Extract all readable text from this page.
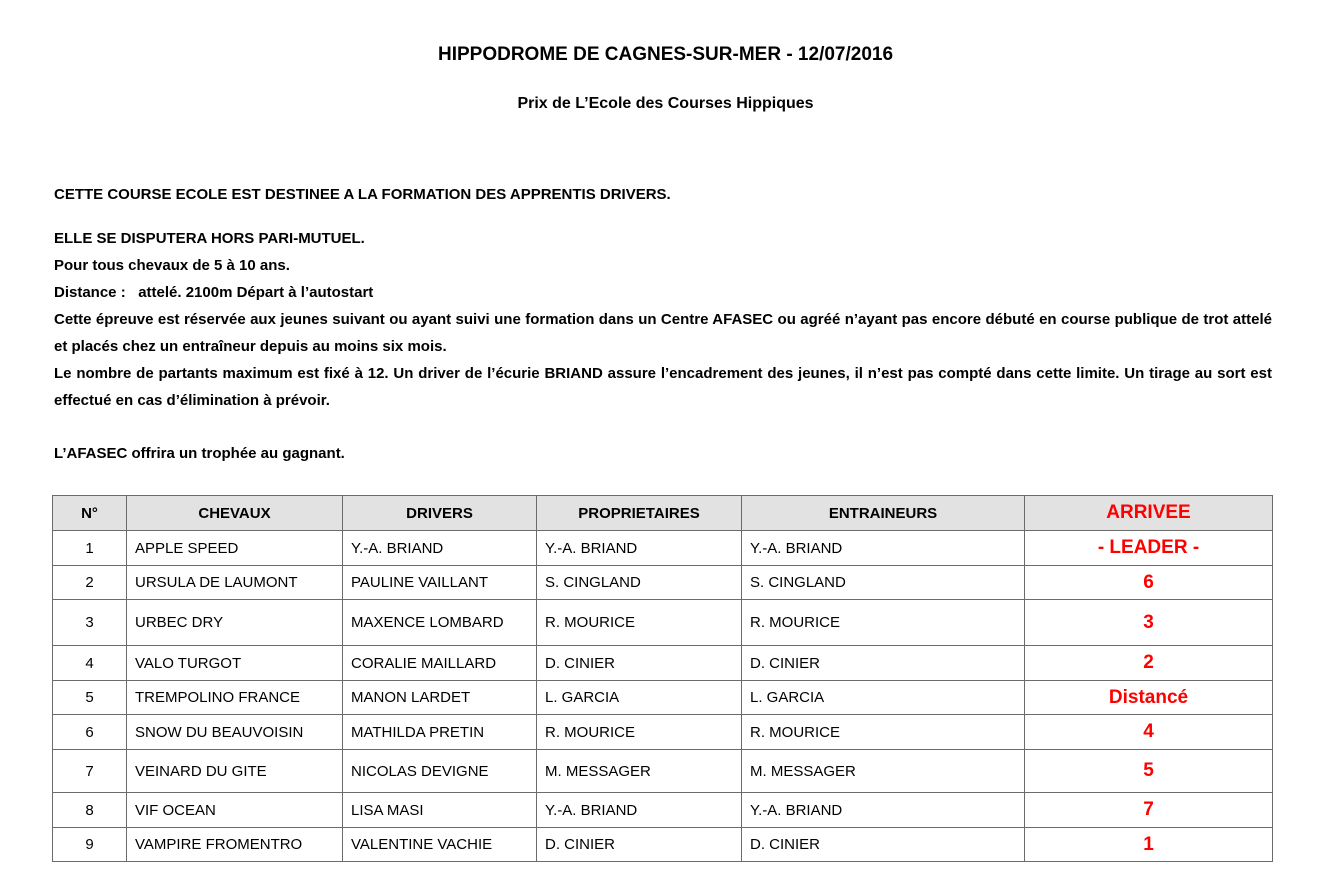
HIPPODROME DE CAGNES-SUR-MER - 12/07/2016
Prix de L’Ecole des Courses Hippiques
CETTE COURSE ECOLE EST DESTINEE A LA FORMATION DES APPRENTIS DRIVERS.
ELLE SE DISPUTERA HORS PARI-MUTUEL.
Pour tous chevaux de 5 à 10 ans.
Distance :   attelé. 2100m Départ à l’autostart
Cette épreuve est réservée aux jeunes suivant ou ayant suivi une formation dans un Centre AFASEC ou agréé n’ayant pas encore débuté en course publique de trot attelé et placés chez un entraîneur depuis au moins six mois.
Le nombre de partants maximum est fixé à 12. Un driver de l’écurie BRIAND assure l’encadrement des jeunes, il n’est pas compté dans cette limite. Un tirage au sort est effectué en cas d’élimination à prévoir.
L’AFASEC offrira un trophée au gagnant.
N°	CHEVAUX	DRIVERS	PROPRIETAIRES	ENTRAINEURS	ARRIVEE
1	APPLE SPEED	Y.-A. BRIAND	Y.-A. BRIAND	Y.-A. BRIAND	- LEADER -
2	URSULA DE LAUMONT	PAULINE VAILLANT	S. CINGLAND	S. CINGLAND	6
3	URBEC DRY	MAXENCE LOMBARD	R. MOURICE	R. MOURICE	3
4	VALO TURGOT	CORALIE MAILLARD	D. CINIER	D. CINIER	2
5	TREMPOLINO FRANCE	MANON LARDET	L. GARCIA	L. GARCIA	Distancé
6	SNOW DU BEAUVOISIN	MATHILDA PRETIN	R. MOURICE	R. MOURICE	4
7	VEINARD DU GITE	NICOLAS DEVIGNE	M. MESSAGER	M. MESSAGER	5
8	VIF OCEAN	LISA MASI	Y.-A. BRIAND	Y.-A. BRIAND	7
9	VAMPIRE FROMENTRO	VALENTINE VACHIE	D. CINIER	D. CINIER	1
